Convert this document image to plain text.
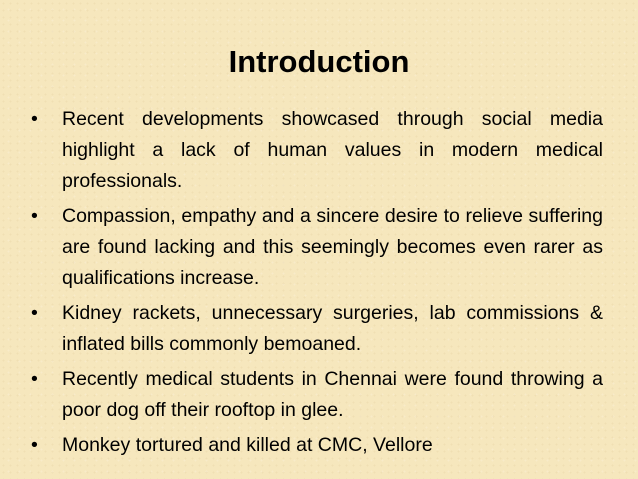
Introduction
• Recent developments showcased through social media highlight a lack of human values in modern medical professionals.
• Compassion, empathy and a sincere desire to relieve suffering are found lacking and this seemingly becomes even rarer as qualifications increase.
• Kidney rackets, unnecessary surgeries, lab commissions & inflated bills commonly bemoaned.
• Recently medical students in Chennai were found throwing a poor dog off their rooftop in glee.
• Monkey tortured and killed at CMC, Vellore
